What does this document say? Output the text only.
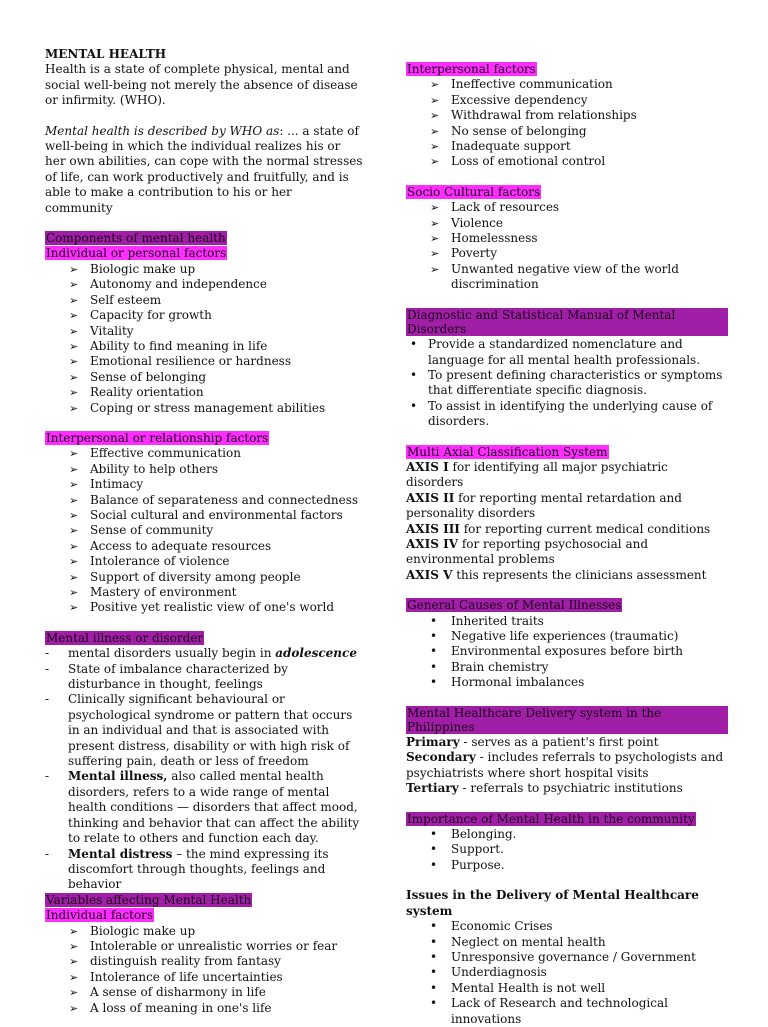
MENTAL HEALTH

Health is a state of complete physical, mental and social well-being not merely the absence of disease or infirmity. (WHO).

Mental health is described by WHO as: ... a state of well-being in which the individual realizes his or her own abilities, can cope with the normal stresses of life, can work productively and fruitfully, and is able to make a contribution to his or her community

Components of mental health

Individual or personal factors

➢ Biologic make up
➢ Autonomy and independence
➢ Self esteem
➢ Capacity for growth
➢ Vitality
➢ Ability to find meaning in life
➢ Emotional resilience or hardness
➢ Sense of belonging
➢ Reality orientation
➢ Coping or stress management abilities

Interpersonal or relationship factors

➢ Effective communication
➢ Ability to help others
➢ Intimacy
➢ Balance of separateness and connectedness
➢ Social cultural and environmental factors
➢ Sense of community
➢ Access to adequate resources
➢ Intolerance of violence
➢ Support of diversity among people
➢ Mastery of environment
➢ Positive yet realistic view of one's world

Mental illness or disorder

- mental disorders usually begin in adolescence
- State of imbalance characterized by disturbance in thought, feelings
- Clinically significant behavioural or psychological syndrome or pattern that occurs in an individual and that is associated with present distress, disability or with high risk of suffering pain, death or less of freedom
- Mental illness, also called mental health disorders, refers to a wide range of mental health conditions — disorders that affect mood, thinking and behavior that can affect the ability to relate to others and function each day.
- Mental distress – the mind expressing its discomfort through thoughts, feelings and behavior

Variables affecting Mental Health

Individual factors

➢ Biologic make up
➢ Intolerable or unrealistic worries or fear
➢ distinguish reality from fantasy
➢ Intolerance of life uncertainties
➢ A sense of disharmony in life
➢ A loss of meaning in one's life

Interpersonal factors

➢ Ineffective communication
➢ Excessive dependency
➢ Withdrawal from relationships
➢ No sense of belonging
➢ Inadequate support
➢ Loss of emotional control

Socio Cultural factors

➢ Lack of resources
➢ Violence
➢ Homelessness
➢ Poverty
➢ Unwanted negative view of the world discrimination

Diagnostic and Statistical Manual of Mental Disorders

• Provide a standardized nomenclature and language for all mental health professionals.
• To present defining characteristics or symptoms that differentiate specific diagnosis.
• To assist in identifying the underlying cause of disorders.

Multi Axial Classification System

AXIS I for identifying all major psychiatric disorders

AXIS II for reporting mental retardation and personality disorders

AXIS III for reporting current medical conditions

AXIS IV for reporting psychosocial and environmental problems

AXIS V this represents the clinicians assessment

General Causes of Mental Illnesses

• Inherited traits
• Negative life experiences (traumatic)
• Environmental exposures before birth
• Brain chemistry
• Hormonal imbalances

Mental Healthcare Delivery system in the Philippines

Primary - serves as a patient's first point

Secondary - includes referrals to psychologists and psychiatrists where short hospital visits

Tertiary - referrals to psychiatric institutions

Importance of Mental Health in the community

• Belonging.
• Support.
• Purpose.

Issues in the Delivery of Mental Healthcare system

• Economic Crises
• Neglect on mental health
• Unresponsive governance / Government
• Underdiagnosis
• Mental Health is not well
• Lack of Research and technological innovations
